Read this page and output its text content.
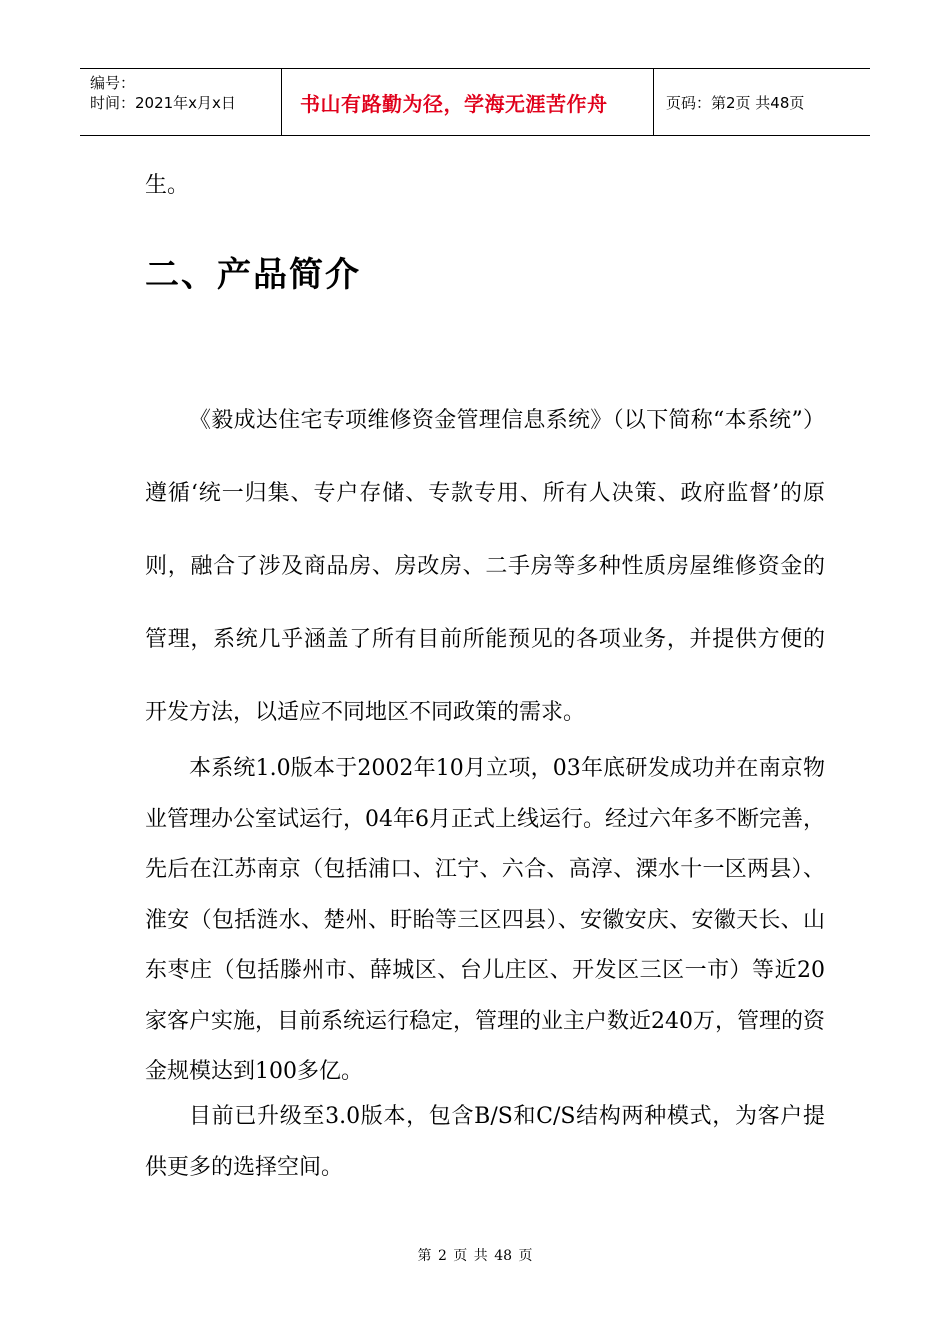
编号：
时间：2021年x月x日	书山有路勤为径，学海无涯苦作舟	页码：第2页 共48页
生。
二、产品简介

《毅成达住宅专项维修资金管理信息系统》（以下简称“本系统”）遵循‘统一归集、专户存储、专款专用、所有人决策、政府监督’的原则，融合了涉及商品房、房改房、二手房等多种性质房屋维修资金的管理，系统几乎涵盖了所有目前所能预见的各项业务，并提供方便的开发方法，以适应不同地区不同政策的需求。

本系统1.0版本于2002年10月立项，03年底研发成功并在南京物业管理办公室试运行，04年6月正式上线运行。经过六年多不断完善，先后在江苏南京（包括浦口、江宁、六合、高淳、溧水十一区两县）、淮安（包括涟水、楚州、盱眙等三区四县）、安徽安庆、安徽天长、山东枣庄（包括滕州市、薛城区、台儿庄区、开发区三区一市）等近20家客户实施，目前系统运行稳定，管理的业主户数近240万，管理的资金规模达到100多亿。

目前已升级至3.0版本，包含B/S和C/S结构两种模式，为客户提供更多的选择空间。

第 2 页 共 48 页
